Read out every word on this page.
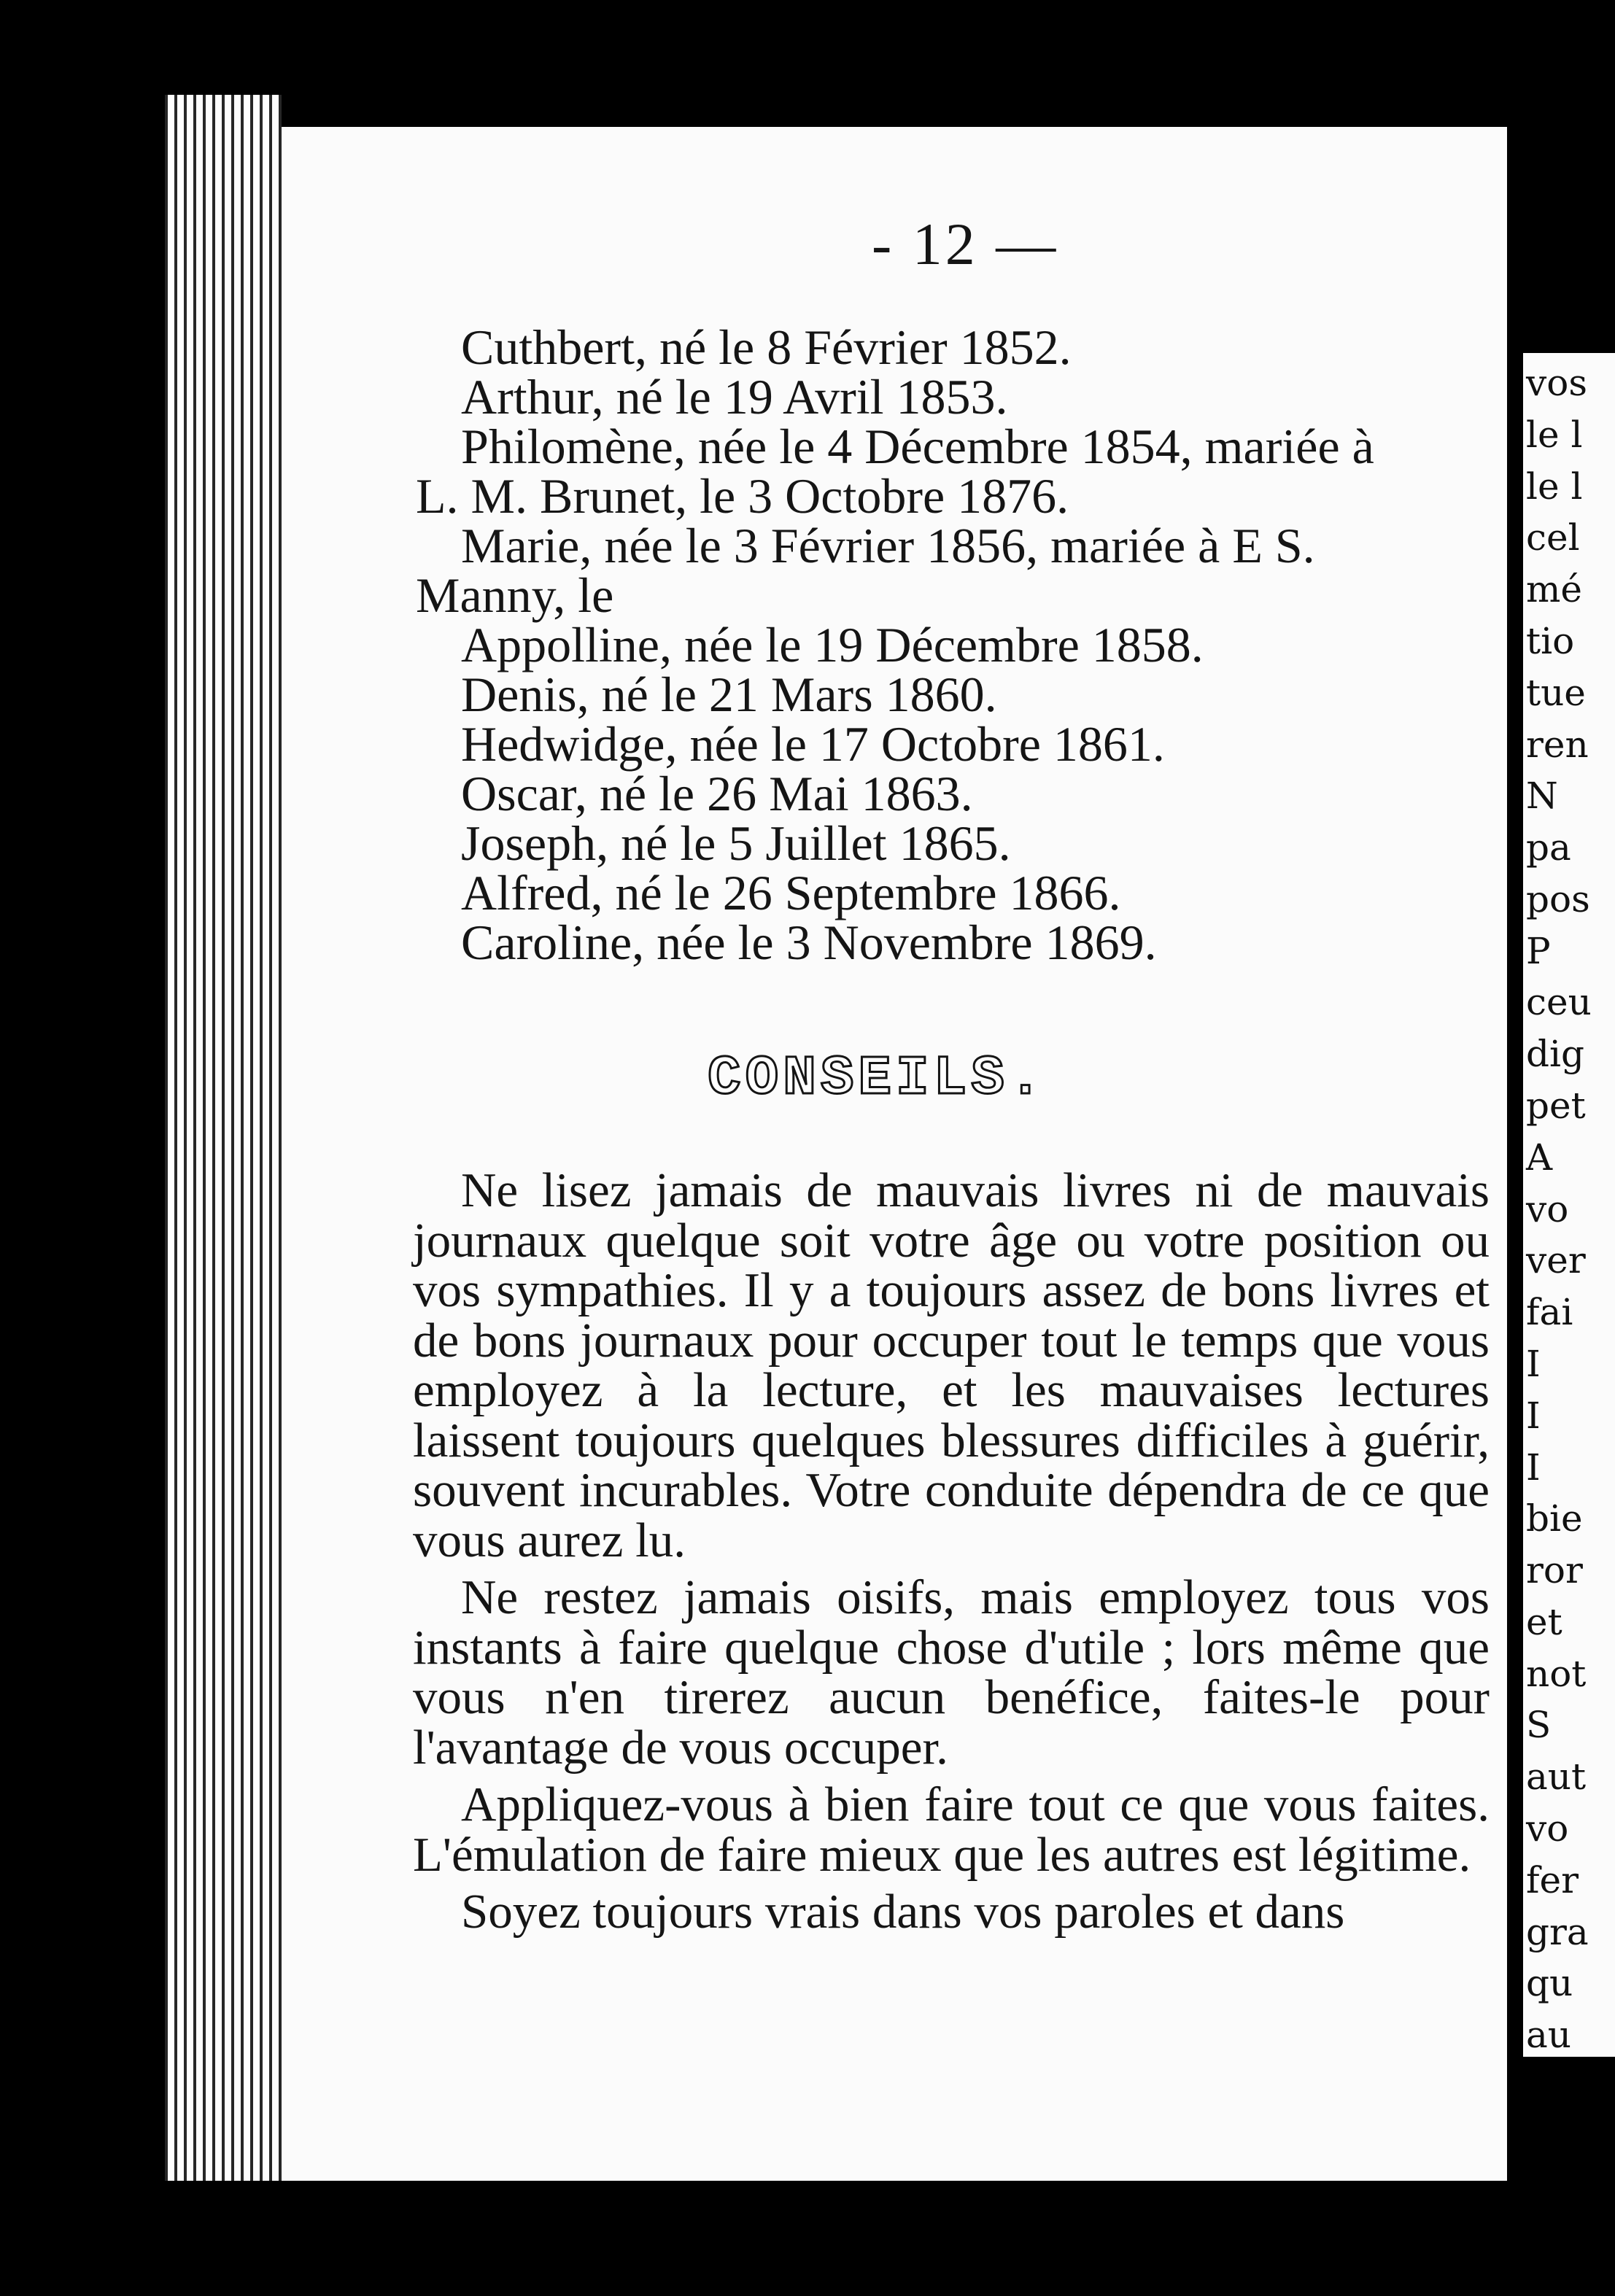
vos
le l
le l
cel
mé
tio
tue
ren
N
pa
pos
P
ceu
dig
pet
A
vo
ver
fai
I
I
I
bie
ror
et
not
S
aut
vo
fer
gra
qu
au
- 12 —
Cuthbert, né le 8 Février 1852.
Arthur, né le 19 Avril 1853.
Philomène, née le 4 Décembre 1854, mariée à
L. M. Brunet, le 3 Octobre 1876.
Marie, née le 3 Février 1856, mariée à E S.
Manny, le
Appolline, née le 19 Décembre 1858.
Denis, né le 21 Mars 1860.
Hedwidge, née le 17 Octobre 1861.
Oscar, né le 26 Mai 1863.
Joseph, né le 5 Juillet 1865.
Alfred, né le 26 Septembre 1866.
Caroline, née le 3 Novembre 1869.
CONSEILS.

Ne lisez jamais de mauvais livres ni de mauvais journaux quelque soit votre âge ou votre position ou vos sympathies. Il y a toujours assez de bons livres et de bons journaux pour occuper tout le temps que vous employez à la lecture, et les mauvaises lectures laissent toujours quelques blessures difficiles à guérir, souvent incurables. Votre conduite dépendra de ce que vous aurez lu.

Ne restez jamais oisifs, mais employez tous vos instants à faire quelque chose d'utile ; lors même que vous n'en tirerez aucun benéfice, faites-le pour l'avantage de vous occuper.

Appliquez-vous à bien faire tout ce que vous faites. L'émulation de faire mieux que les autres est légitime.

Soyez toujours vrais dans vos paroles et dans
